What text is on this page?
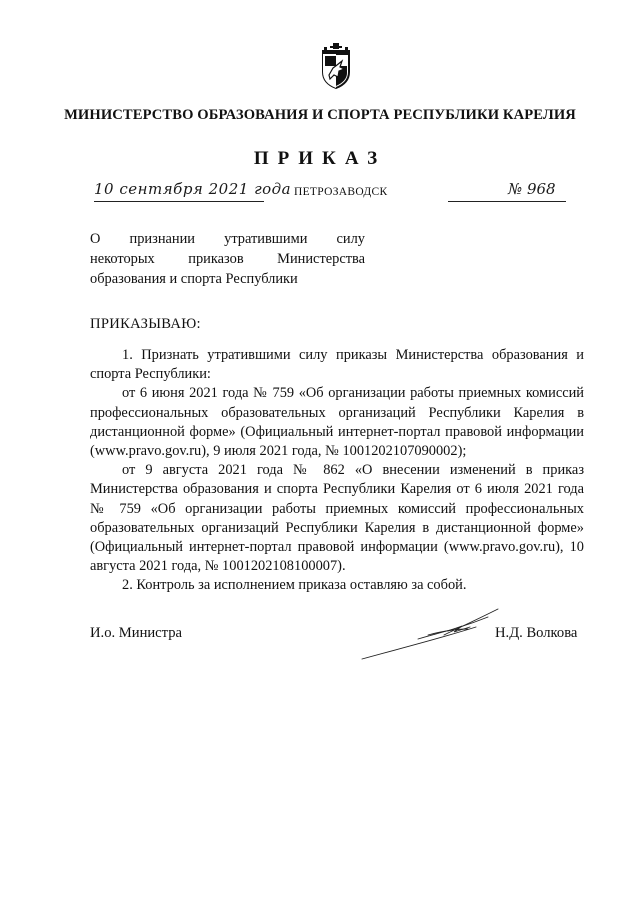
МИНИСТЕРСТВО ОБРАЗОВАНИЯ И СПОРТА РЕСПУБЛИКИ КАРЕЛИЯ
ПРИКАЗ
10 сентября 2021 года ПЕТРОЗАВОДСК	№ 968
О признании утратившими силу
некоторых приказов Министерства
образования и спорта Республики
ПРИКАЗЫВАЮ:

1. Признать утратившими силу приказы Министерства образования и спорта Республики:

от 6 июня 2021 года № 759 «Об организации работы приемных комиссий профессиональных образовательных организаций Республики Карелия в дистанционной форме» (Официальный интернет-портал правовой информации (www.pravo.gov.ru), 9 июля 2021 года, № 1001202107090002);

от 9 августа 2021 года № 862 «О внесении изменений в приказ Министерства образования и спорта Республики Карелия от 6 июля 2021 года № 759 «Об организации работы приемных комиссий профессиональных образовательных организаций Республики Карелия в дистанционной форме» (Официальный интернет-портал правовой информации (www.pravo.gov.ru), 10 августа 2021 года, № 1001202108100007).

2. Контроль за исполнением приказа оставляю за собой.

И.о. Министра	Н.Д. Волкова
